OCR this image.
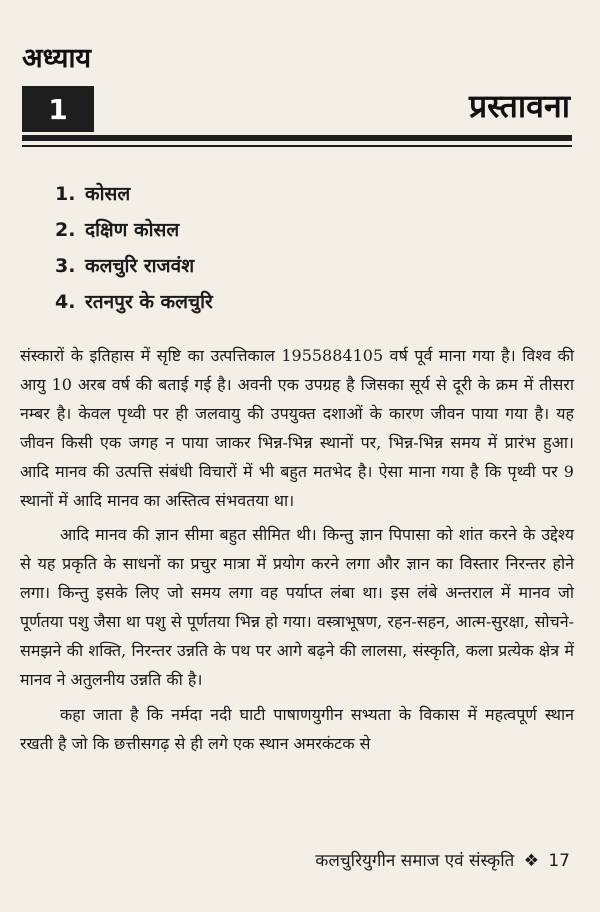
अध्याय
1	प्रस्तावना
1. कोसल
2. दक्षिण कोसल
3. कलचुरि राजवंश
4. रतनपुर के कलचुरि

संस्कारों के इतिहास में सृष्टि का उत्पत्तिकाल 1955884105 वर्ष पूर्व माना गया है। विश्व की आयु 10 अरब वर्ष की बताई गई है। अवनी एक उपग्रह है जिसका सूर्य से दूरी के क्रम में तीसरा नम्बर है। केवल पृथ्वी पर ही जलवायु की उपयुक्त दशाओं के कारण जीवन पाया गया है। यह जीवन किसी एक जगह न पाया जाकर भिन्न-भिन्न स्थानों पर, भिन्न-भिन्न समय में प्रारंभ हुआ। आदि मानव की उत्पत्ति संबंधी विचारों में भी बहुत मतभेद है। ऐसा माना गया है कि पृथ्वी पर 9 स्थानों में आदि मानव का अस्तित्व संभवतया था।

आदि मानव की ज्ञान सीमा बहुत सीमित थी। किन्तु ज्ञान पिपासा को शांत करने के उद्देश्य से यह प्रकृति के साधनों का प्रचुर मात्रा में प्रयोग करने लगा और ज्ञान का विस्तार निरन्तर होने लगा। किन्तु इसके लिए जो समय लगा वह पर्याप्त लंबा था। इस लंबे अन्तराल में मानव जो पूर्णतया पशु जैसा था पशु से पूर्णतया भिन्न हो गया। वस्त्राभूषण, रहन-सहन, आत्म-सुरक्षा, सोचने-समझने की शक्ति, निरन्तर उन्नति के पथ पर आगे बढ़ने की लालसा, संस्कृति, कला प्रत्येक क्षेत्र में मानव ने अतुलनीय उन्नति की है।

कहा जाता है कि नर्मदा नदी घाटी पाषाणयुगीन सभ्यता के विकास में महत्वपूर्ण स्थान रखती है जो कि छत्तीसगढ़ से ही लगे एक स्थान अमरकंटक से

कलचुरियुगीन समाज एवं संस्कृति ❖ 17
